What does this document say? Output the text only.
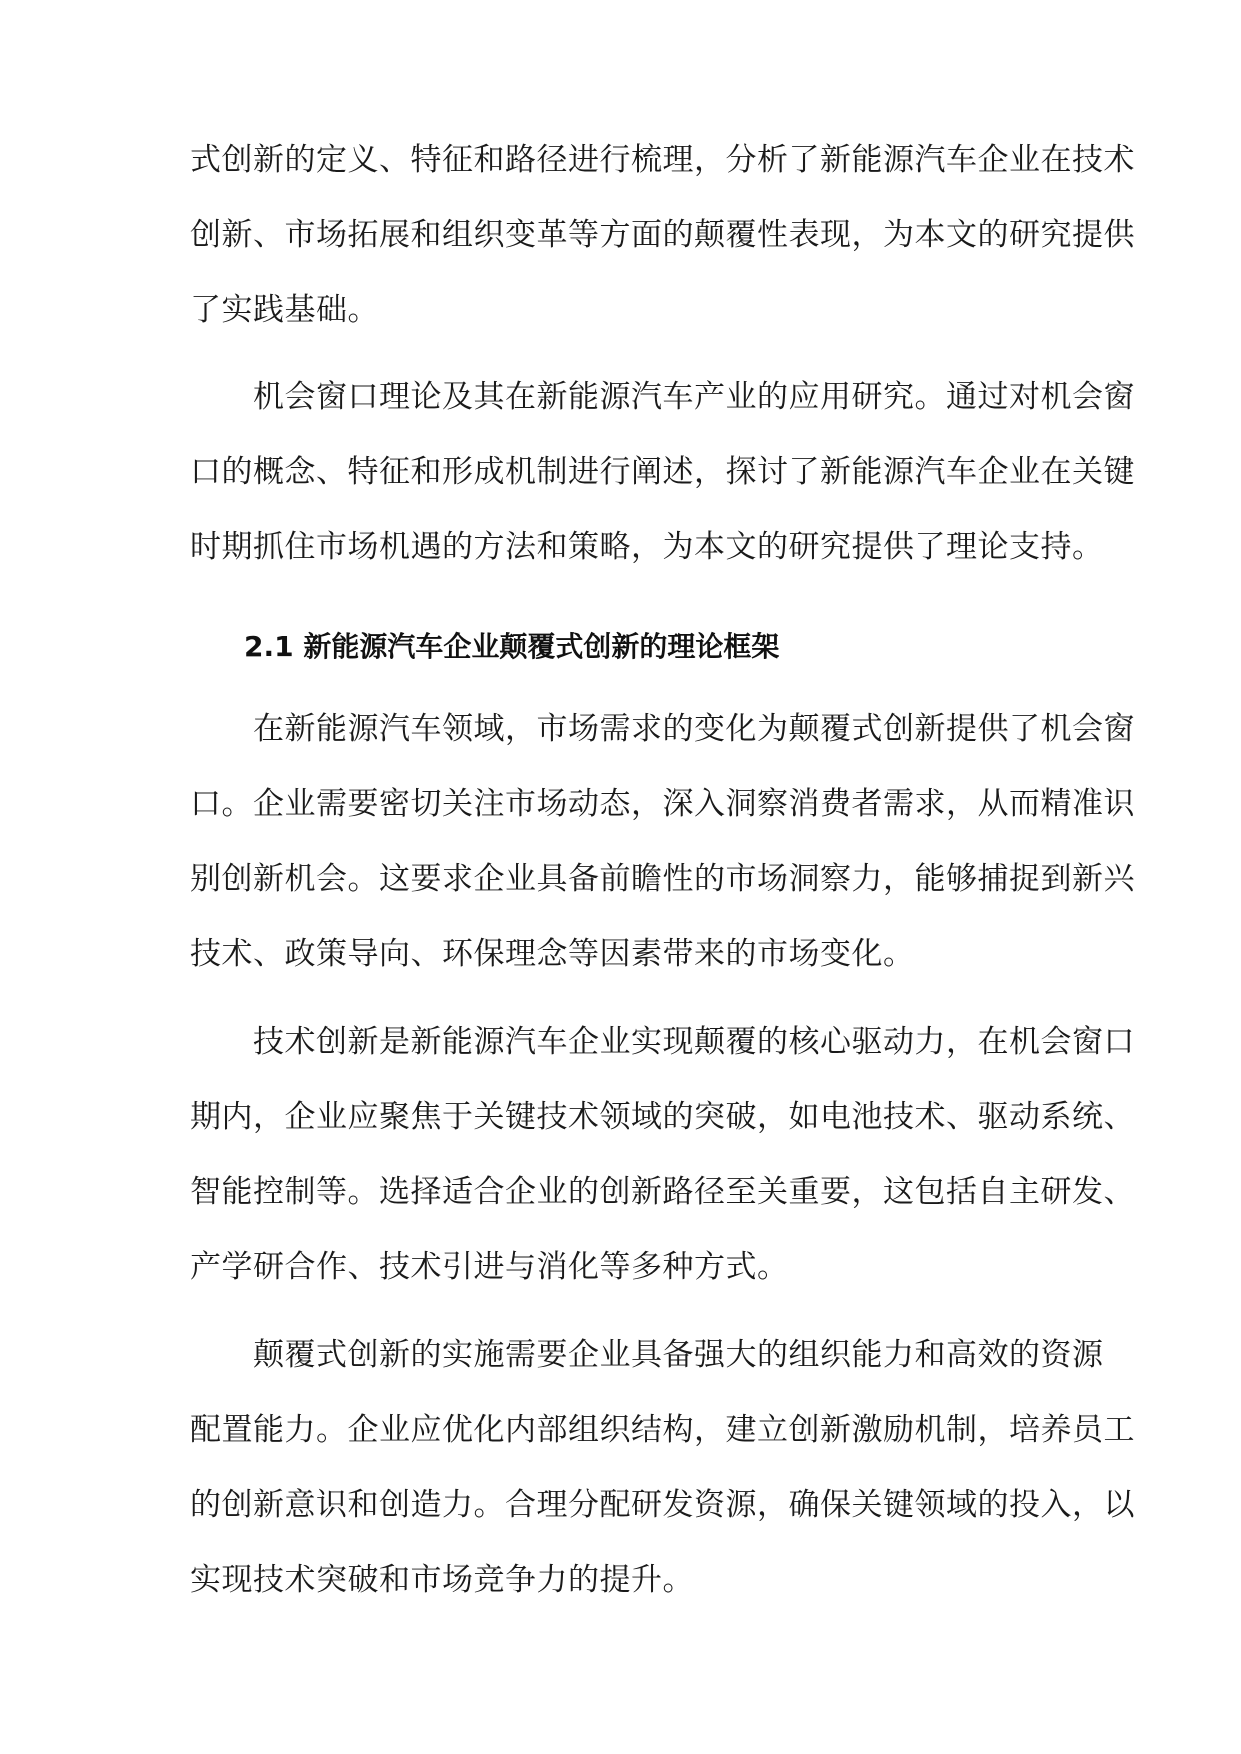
式创新的定义、特征和路径进行梳理，分析了新能源汽车企业在技术
创新、市场拓展和组织变革等方面的颠覆性表现，为本文的研究提供
了实践基础。
　　机会窗口理论及其在新能源汽车产业的应用研究。通过对机会窗
口的概念、特征和形成机制进行阐述，探讨了新能源汽车企业在关键
时期抓住市场机遇的方法和策略，为本文的研究提供了理论支持。
2.1 新能源汽车企业颠覆式创新的理论框架
　　在新能源汽车领域，市场需求的变化为颠覆式创新提供了机会窗
口。企业需要密切关注市场动态，深入洞察消费者需求，从而精准识
别创新机会。这要求企业具备前瞻性的市场洞察力，能够捕捉到新兴
技术、政策导向、环保理念等因素带来的市场变化。
　　技术创新是新能源汽车企业实现颠覆的核心驱动力，在机会窗口
期内，企业应聚焦于关键技术领域的突破，如电池技术、驱动系统、
智能控制等。选择适合企业的创新路径至关重要，这包括自主研发、
产学研合作、技术引进与消化等多种方式。
　　颠覆式创新的实施需要企业具备强大的组织能力和高效的资源
配置能力。企业应优化内部组织结构，建立创新激励机制，培养员工
的创新意识和创造力。合理分配研发资源，确保关键领域的投入，以
实现技术突破和市场竞争力的提升。
